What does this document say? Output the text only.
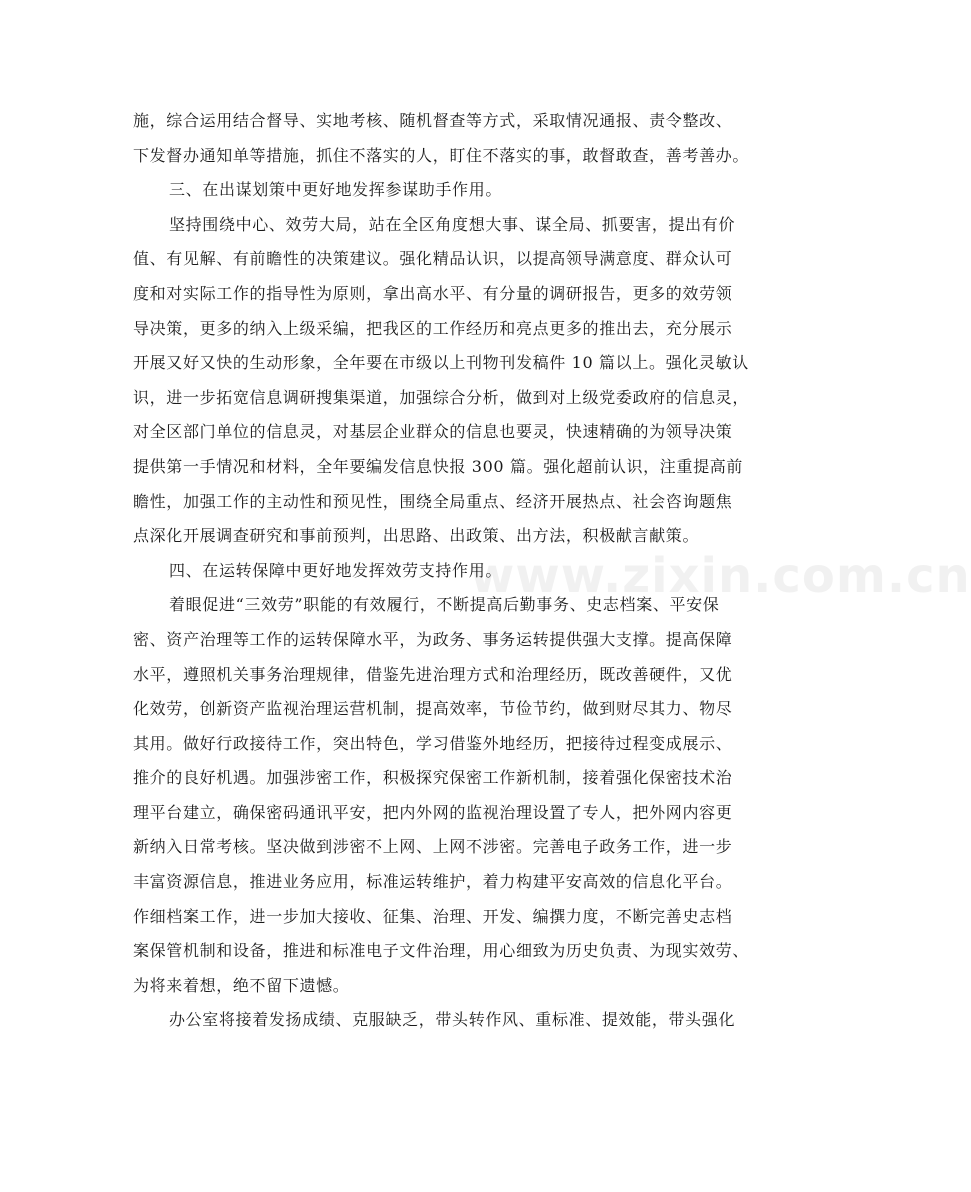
www.zixin.com.cn
施，综合运用结合督导、实地考核、随机督查等方式，采取情况通报、责令整改、
下发督办通知单等措施，抓住不落实的人，盯住不落实的事，敢督敢查，善考善办。
三、在出谋划策中更好地发挥参谋助手作用。
坚持围绕中心、效劳大局，站在全区角度想大事、谋全局、抓要害，提出有价
值、有见解、有前瞻性的决策建议。强化精品认识，以提高领导满意度、群众认可
度和对实际工作的指导性为原则，拿出高水平、有分量的调研报告，更多的效劳领
导决策，更多的纳入上级采编，把我区的工作经历和亮点更多的推出去，充分展示
开展又好又快的生动形象，全年要在市级以上刊物刊发稿件 10 篇以上。强化灵敏认
识，进一步拓宽信息调研搜集渠道，加强综合分析，做到对上级党委政府的信息灵，
对全区部门单位的信息灵，对基层企业群众的信息也要灵，快速精确的为领导决策
提供第一手情况和材料，全年要编发信息快报 300 篇。强化超前认识，注重提高前
瞻性，加强工作的主动性和预见性，围绕全局重点、经济开展热点、社会咨询题焦
点深化开展调查研究和事前预判，出思路、出政策、出方法，积极献言献策。
四、在运转保障中更好地发挥效劳支持作用。
着眼促进“三效劳”职能的有效履行，不断提高后勤事务、史志档案、平安保
密、资产治理等工作的运转保障水平，为政务、事务运转提供强大支撑。提高保障
水平，遵照机关事务治理规律，借鉴先进治理方式和治理经历，既改善硬件，又优
化效劳，创新资产监视治理运营机制，提高效率，节俭节约，做到财尽其力、物尽
其用。做好行政接待工作，突出特色，学习借鉴外地经历，把接待过程变成展示、
推介的良好机遇。加强涉密工作，积极探究保密工作新机制，接着强化保密技术治
理平台建立，确保密码通讯平安，把内外网的监视治理设置了专人，把外网内容更
新纳入日常考核。坚决做到涉密不上网、上网不涉密。完善电子政务工作，进一步
丰富资源信息，推进业务应用，标准运转维护，着力构建平安高效的信息化平台。
作细档案工作，进一步加大接收、征集、治理、开发、编撰力度，不断完善史志档
案保管机制和设备，推进和标准电子文件治理，用心细致为历史负责、为现实效劳、
为将来着想，绝不留下遗憾。
办公室将接着发扬成绩、克服缺乏，带头转作风、重标准、提效能，带头强化
